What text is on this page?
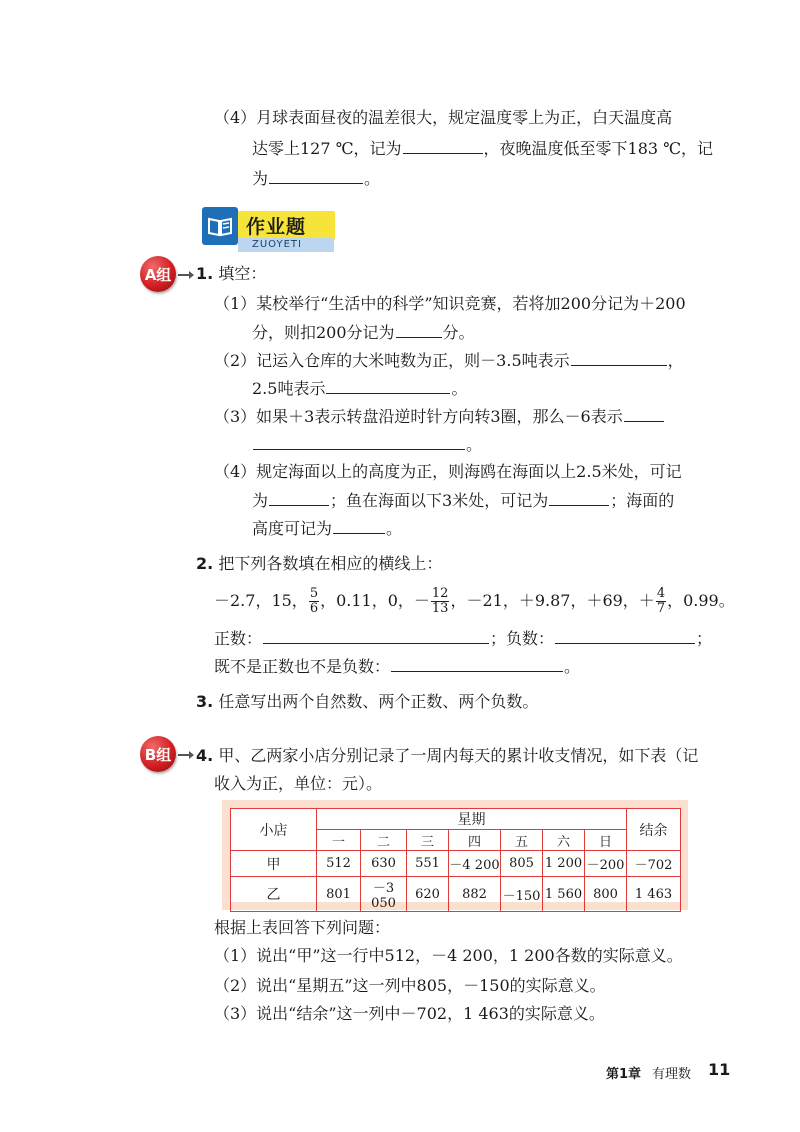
（4）月球表面昼夜的温差很大，规定温度零上为正，白天温度高
达零上127 ℃，记为	，夜晚温度低至零下183 ℃，记
为	。
作业题
ZUOYETI
A组 1. 填空：
（1）某校举行“生活中的科学”知识竞赛，若将加200分记为＋200
分，则扣200分记为	分。
（2）记运入仓库的大米吨数为正，则－3.5吨表示	，
2.5吨表示	。
（3）如果＋3表示转盘沿逆时针方向转3圈，那么－6表示
。
（4）规定海面以上的高度为正，则海鸥在海面以上2.5米处，可记
为	；鱼在海面以下3米处，可记为	；海面的
高度可记为	。
2. 把下列各数填在相应的横线上：
－2.7，15， $\frac{5}{6}$ ，0.11，0，－ $\frac{12}{13}$ ，－21，＋9.87，＋69，＋ $\frac{4}{7}$ ，0.99。
正数：	；负数：	；
既不是正数也不是负数：	。
3. 任意写出两个自然数、两个正数、两个负数。
B组 4. 甲、乙两家小店分别记录了一周内每天的累计收支情况，如下表（记
收入为正，单位：元）。
小店	星期							结余
	一	二	三	四	五	六	日	
甲	512	630	551	－4 200	805	1 200	－200	－702
乙	801	－3 050	620	882	－150	1 560	800	1 463
根据上表回答下列问题：
（1）说出“甲”这一行中512，－4 200，1 200各数的实际意义。
（2）说出“星期五”这一列中805，－150的实际意义。
（3）说出“结余”这一列中－702，1 463的实际意义。
第1章 有理数 11
